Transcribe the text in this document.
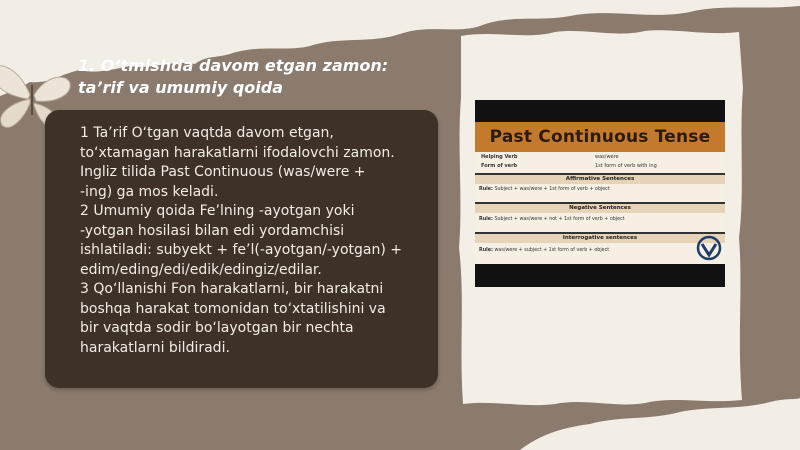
1. O‘tmishda davom etgan zamon:
ta’rif va umumiy qoida
1 Ta’rif O‘tgan vaqtda davom etgan,
to‘xtamagan harakatlarni ifodalovchi zamon.
Ingliz tilida Past Continuous (was/were +
-ing) ga mos keladi.
2 Umumiy qoida Fe’lning -ayotgan yoki
-yotgan hosilasi bilan edi yordamchisi
ishlatiladi: subyekt + fe’l(-ayotgan/-yotgan) +
edim/eding/edi/edik/edingiz/edilar.
3 Qo‘llanishi Fon harakatlarni, bir harakatni
boshqa harakat tomonidan to‘xtatilishini va
bir vaqtda sodir bo‘layotgan bir nechta
harakatlarni bildiradi.
Past Continuous Tense
Helping Verb	was/were
Form of verb	1st form of verb with ing
Affirmative Sentences
Rule: Subject + was/were + 1st form of verb + object
Negative Sentences
Rule: Subject + was/were + not + 1st form of verb + object
Interrogative sentences
Rule: was/were + subject + 1st form of verb + object
